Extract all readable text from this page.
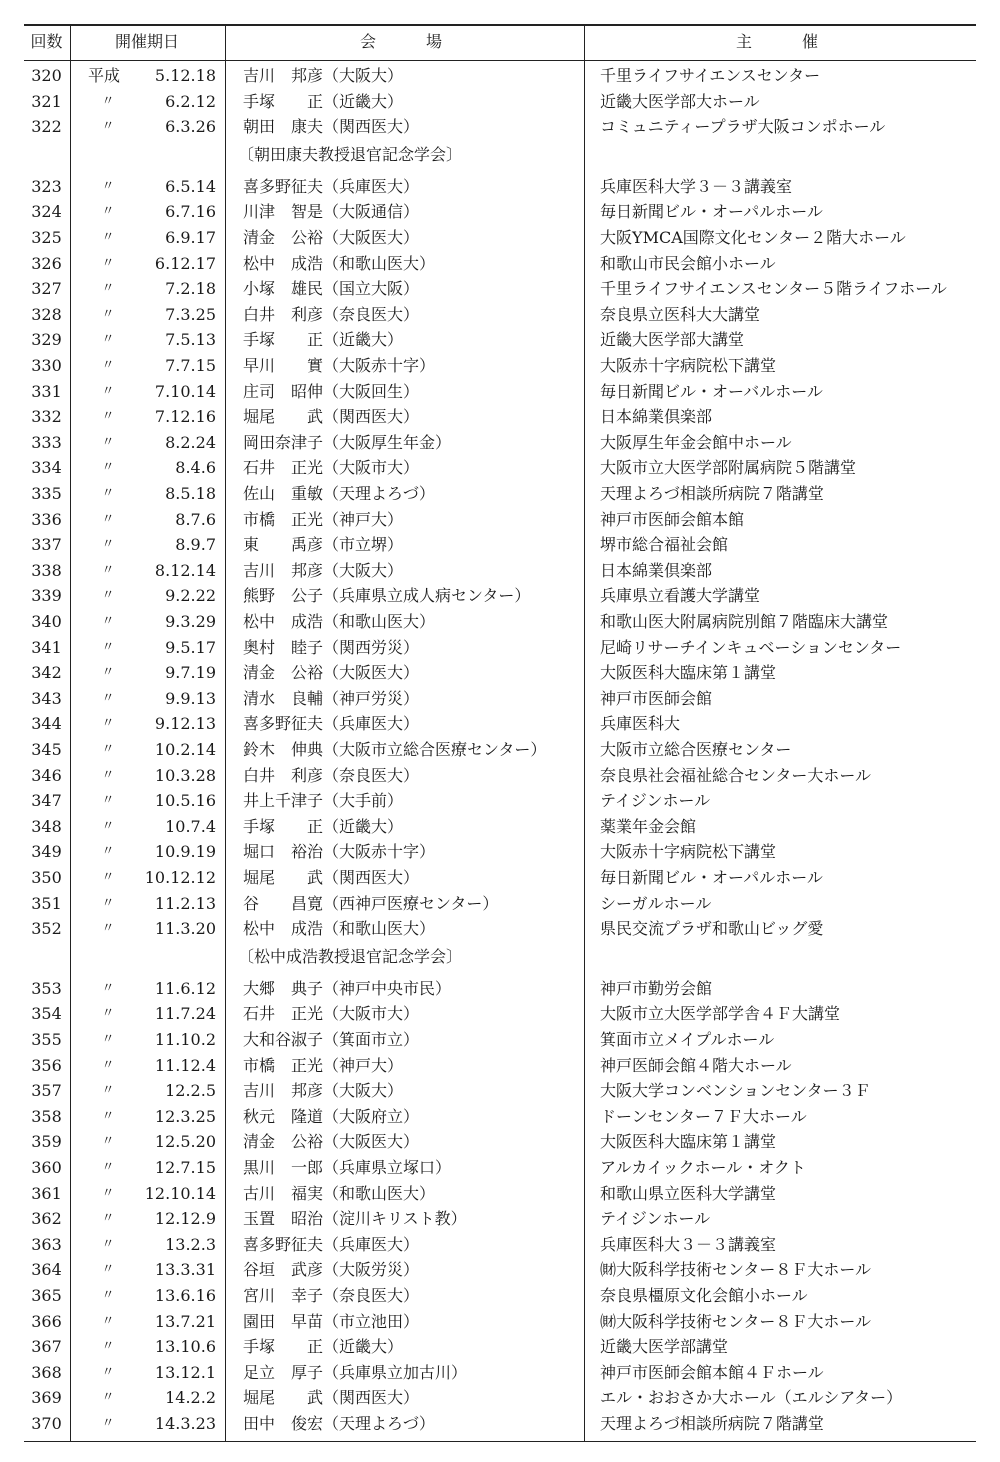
回数	開催期日	会　　場	主　　催
320	平成	5.12.18 吉川　邦彦（大阪大）	千里ライフサイエンスセンター
321	〃	6.2.12 手塚　　正（近畿大）	近畿大医学部大ホール
322	〃	6.3.26 朝田　康夫（関西医大）	コミュニティープラザ大阪コンポホール
〔朝田康夫教授退官記念学会〕
323	〃	6.5.14 喜多野征夫（兵庫医大）	兵庫医科大学３－３講義室
324	〃	6.7.16 川津　智是（大阪通信）	毎日新聞ビル・オーパルホール
325	〃	6.9.17 清金　公裕（大阪医大）	大阪YMCA国際文化センター２階大ホール
326	〃	6.12.17 松中　成浩（和歌山医大）	和歌山市民会館小ホール
327	〃	7.2.18 小塚　雄民（国立大阪）	千里ライフサイエンスセンター５階ライフホール
328	〃	7.3.25 白井　利彦（奈良医大）	奈良県立医科大大講堂
329	〃	7.5.13 手塚　　正（近畿大）	近畿大医学部大講堂
330	〃	7.7.15 早川　　實（大阪赤十字）	大阪赤十字病院松下講堂
331	〃	7.10.14 庄司　昭伸（大阪回生）	毎日新聞ビル・オーバルホール
332	〃	7.12.16 堀尾　　武（関西医大）	日本綿業倶楽部
333	〃	8.2.24 岡田奈津子（大阪厚生年金）	大阪厚生年金会館中ホール
334	〃	8.4.6 石井　正光（大阪市大）	大阪市立大医学部附属病院５階講堂
335	〃	8.5.18 佐山　重敏（天理よろづ）	天理よろづ相談所病院７階講堂
336	〃	8.7.6 市橋　正光（神戸大）	神戸市医師会館本館
337	〃	8.9.7 東　　禹彦（市立堺）	堺市総合福祉会館
338	〃	8.12.14 吉川　邦彦（大阪大）	日本綿業倶楽部
339	〃	9.2.22 熊野　公子（兵庫県立成人病センター）	兵庫県立看護大学講堂
340	〃	9.3.29 松中　成浩（和歌山医大）	和歌山医大附属病院別館７階臨床大講堂
341	〃	9.5.17 奥村　睦子（関西労災）	尼崎リサーチインキュベーションセンター
342	〃	9.7.19 清金　公裕（大阪医大）	大阪医科大臨床第１講堂
343	〃	9.9.13 清水　良輔（神戸労災）	神戸市医師会館
344	〃	9.12.13 喜多野征夫（兵庫医大）	兵庫医科大
345	〃	10.2.14 鈴木　伸典（大阪市立総合医療センター）	大阪市立総合医療センター
346	〃	10.3.28 白井　利彦（奈良医大）	奈良県社会福祉総合センター大ホール
347	〃	10.5.16 井上千津子（大手前）	テイジンホール
348	〃	10.7.4 手塚　　正（近畿大）	薬業年金会館
349	〃	10.9.19 堀口　裕治（大阪赤十字）	大阪赤十字病院松下講堂
350	〃	10.12.12 堀尾　　武（関西医大）	毎日新聞ビル・オーパルホール
351	〃	11.2.13 谷　　昌寛（西神戸医療センター）	シーガルホール
352	〃	11.3.20 松中　成浩（和歌山医大）	県民交流プラザ和歌山ビッグ愛
〔松中成浩教授退官記念学会〕
353	〃	11.6.12 大郷　典子（神戸中央市民）	神戸市勤労会館
354	〃	11.7.24 石井　正光（大阪市大）	大阪市立大医学部学舎４Ｆ大講堂
355	〃	11.10.2 大和谷淑子（箕面市立）	箕面市立メイプルホール
356	〃	11.12.4 市橋　正光（神戸大）	神戸医師会館４階大ホール
357	〃	12.2.5 吉川　邦彦（大阪大）	大阪大学コンベンションセンター３Ｆ
358	〃	12.3.25 秋元　隆道（大阪府立）	ドーンセンター７Ｆ大ホール
359	〃	12.5.20 清金　公裕（大阪医大）	大阪医科大臨床第１講堂
360	〃	12.7.15 黒川　一郎（兵庫県立塚口）	アルカイックホール・オクト
361	〃	12.10.14 古川　福実（和歌山医大）	和歌山県立医科大学講堂
362	〃	12.12.9 玉置　昭治（淀川キリスト教）	テイジンホール
363	〃	13.2.3 喜多野征夫（兵庫医大）	兵庫医科大３－３講義室
364	〃	13.3.31 谷垣　武彦（大阪労災）	㈶大阪科学技術センター８Ｆ大ホール
365	〃	13.6.16 宮川　幸子（奈良医大）	奈良県橿原文化会館小ホール
366	〃	13.7.21 園田　早苗（市立池田）	㈶大阪科学技術センター８Ｆ大ホール
367	〃	13.10.6 手塚　　正（近畿大）	近畿大医学部講堂
368	〃	13.12.1 足立　厚子（兵庫県立加古川）	神戸市医師会館本館４Ｆホール
369	〃	14.2.2 堀尾　　武（関西医大）	エル・おおさか大ホール（エルシアター）
370	〃	14.3.23 田中　俊宏（天理よろづ）	天理よろづ相談所病院７階講堂
